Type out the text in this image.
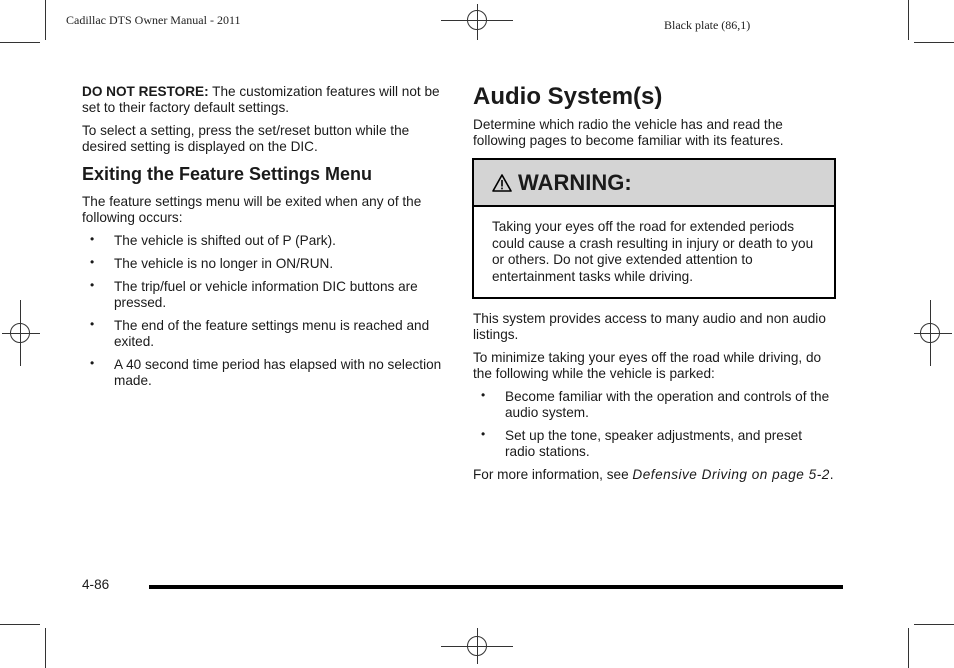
Cadillac DTS Owner Manual - 2011	Black plate (86,1)

DO NOT RESTORE: The customization features will not be set to their factory default settings.

To select a setting, press the set/reset button while the desired setting is displayed on the DIC.

Exiting the Feature Settings Menu

The feature settings menu will be exited when any of the following occurs:

• The vehicle is shifted out of P (Park).
• The vehicle is no longer in ON/RUN.
• The trip/fuel or vehicle information DIC buttons are pressed.
• The end of the feature settings menu is reached and exited.
• A 40 second time period has elapsed with no selection made.
Audio System(s)

Determine which radio the vehicle has and read the following pages to become familiar with its features.

WARNING:
Taking your eyes off the road for extended periods could cause a crash resulting in injury or death to you or others. Do not give extended attention to entertainment tasks while driving.

This system provides access to many audio and non audio listings.

To minimize taking your eyes off the road while driving, do the following while the vehicle is parked:

• Become familiar with the operation and controls of the audio system.
• Set up the tone, speaker adjustments, and preset radio stations.

For more information, see Defensive Driving on page 5-2.

4-86
